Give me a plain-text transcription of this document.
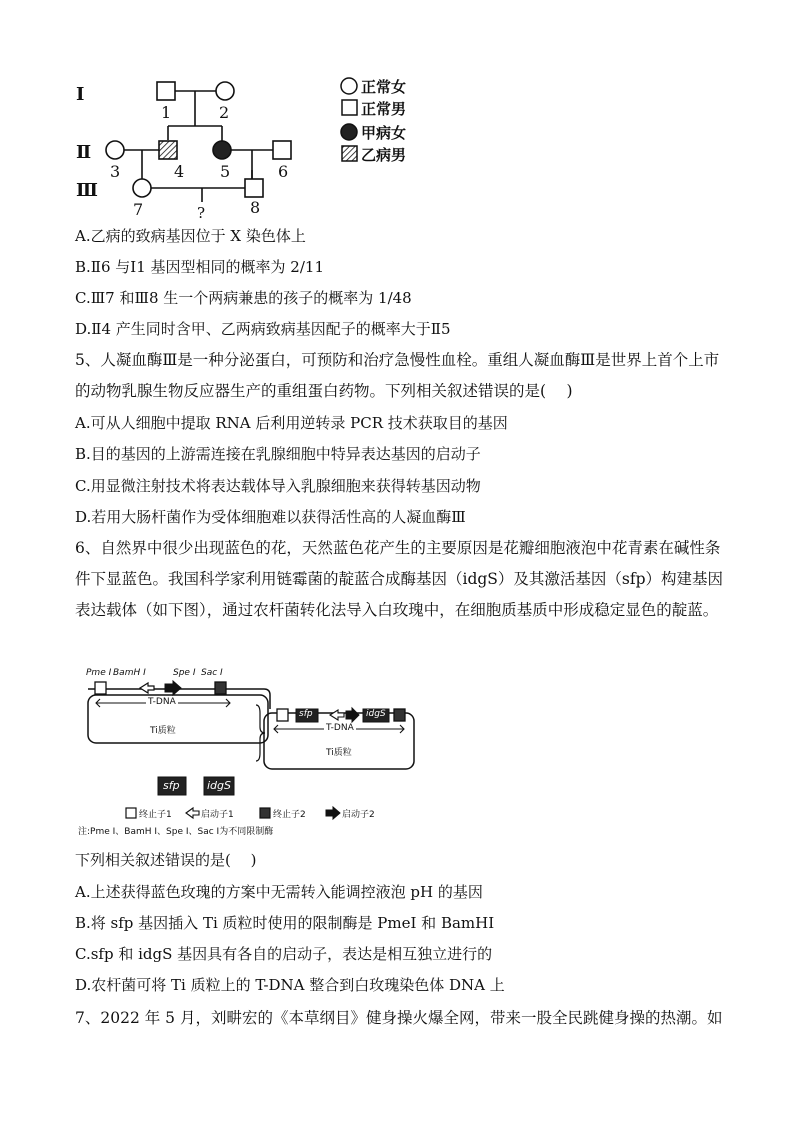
Ⅰ
Ⅱ
Ⅲ
1	2
3	4 5	6
7	8
?
正常女
正常男
甲病女
乙病男
A.乙病的致病基因位于 X 染色体上
B.Ⅱ6 与Ⅰ1 基因型相同的概率为 2/11
C.Ⅲ7 和Ⅲ8 生一个两病兼患的孩子的概率为 1/48
D.Ⅱ4 产生同时含甲、乙两病致病基因配子的概率大于Ⅱ5
5、人凝血酶Ⅲ是一种分泌蛋白，可预防和治疗急慢性血栓。重组人凝血酶Ⅲ是世界上首个上市的动物乳腺生物反应器生产的重组蛋白药物。下列相关叙述错误的是(　 )
A.可从人细胞中提取 RNA 后利用逆转录 PCR 技术获取目的基因
B.目的基因的上游需连接在乳腺细胞中特异表达基因的启动子
C.用显微注射技术将表达载体导入乳腺细胞来获得转基因动物
D.若用大肠杆菌作为受体细胞难以获得活性高的人凝血酶Ⅲ
6、自然界中很少出现蓝色的花，天然蓝色花产生的主要原因是花瓣细胞液泡中花青素在碱性条件下显蓝色。我国科学家利用链霉菌的靛蓝合成酶基因（idgS）及其激活基因（sfp）构建基因表达载体（如下图），通过农杆菌转化法导入白玫瑰中，在细胞质基质中形成稳定显色的靛蓝。
Pme Ⅰ BamH Ⅰ	Spe Ⅰ Sac Ⅰ
T-DNA
Ti质粒
sfp	idgS
T-DNA
Ti质粒
sfp idgS
终止子1	启动子1	终止子2	启动子2
注:Pme Ⅰ、BamH Ⅰ、Spe Ⅰ、Sac Ⅰ为不同限制酶
下列相关叙述错误的是(　 )
A.上述获得蓝色玫瑰的方案中无需转入能调控液泡 pH 的基因
B.将 sfp 基因插入 Ti 质粒时使用的限制酶是 PmeI 和 BamHI
C.sfp 和 idgS 基因具有各自的启动子，表达是相互独立进行的
D.农杆菌可将 Ti 质粒上的 T-DNA 整合到白玫瑰染色体 DNA 上
7、2022 年 5 月，刘畊宏的《本草纲目》健身操火爆全网，带来一股全民跳健身操的热潮。如
